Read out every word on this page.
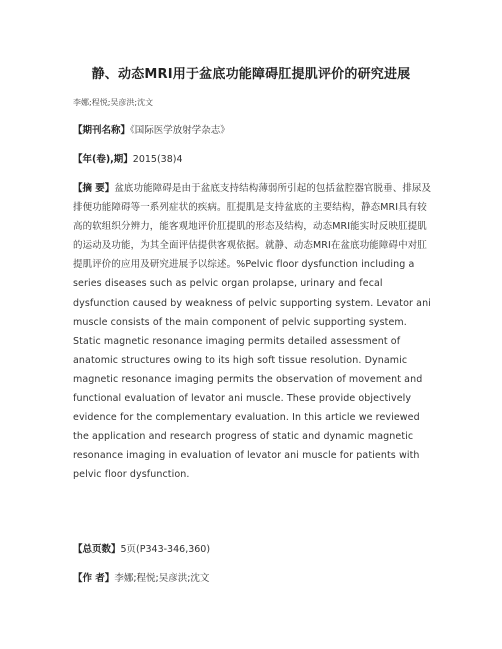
静、动态MRI用于盆底功能障碍肛提肌评价的研究进展
李娜;程悦;吴彦洪;沈文
【期刊名称】《国际医学放射学杂志》
【年(卷),期】2015(38)4
【摘 要】盆底功能障碍是由于盆底支持结构薄弱所引起的包括盆腔器官脱垂、排尿及排便功能障碍等一系列症状的疾病。肛提肌是支持盆底的主要结构，静态MRI具有较高的软组织分辨力，能客观地评价肛提肌的形态及结构，动态MRI能实时反映肛提肌的运动及功能，为其全面评估提供客观依据。就静、动态MRI在盆底功能障碍中对肛提肌评价的应用及研究进展予以综述。%Pelvic floor dysfunction including a series diseases such as pelvic organ prolapse, urinary and fecal dysfunction caused by weakness of pelvic supporting system. Levator ani muscle consists of the main component of pelvic supporting system. Static magnetic resonance imaging permits detailed assessment of anatomic structures owing to its high soft tissue resolution. Dynamic magnetic resonance imaging permits the observation of movement and functional evaluation of levator ani muscle. These provide objectively evidence for the complementary evaluation. In this article we reviewed the application and research progress of static and dynamic magnetic resonance imaging in evaluation of levator ani muscle for patients with pelvic floor dysfunction.
【总页数】5页(P343-346,360)
【作 者】李娜;程悦;吴彦洪;沈文
